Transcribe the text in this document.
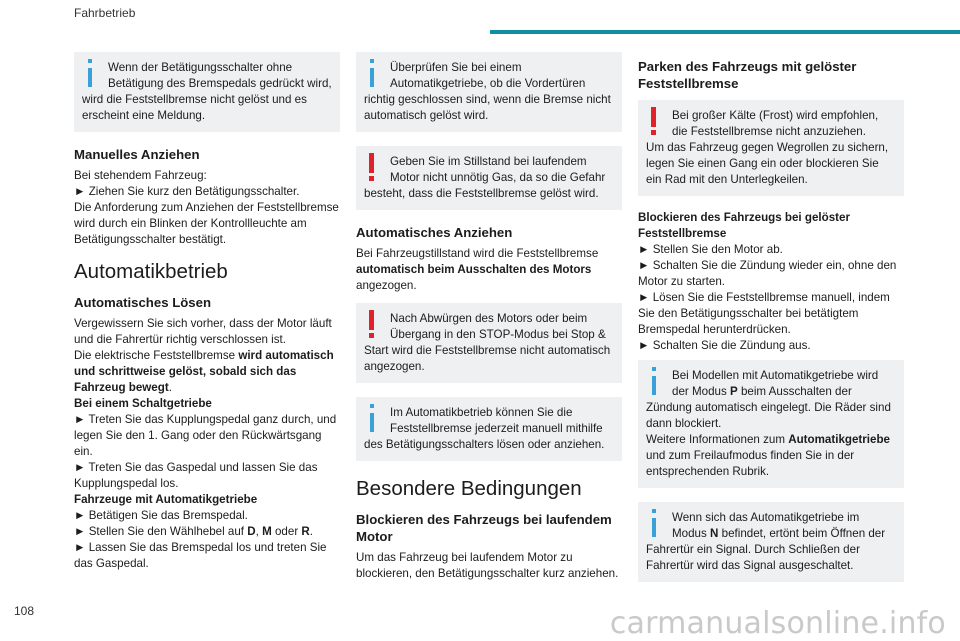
Fahrbetrieb

Wenn der Betätigungsschalter ohne

Betätigung des Bremspedals gedrückt wird,

wird die Feststellbremse nicht gelöst und es erscheint eine Meldung.

Manuelles Anziehen

Bei stehendem Fahrzeug:

► Ziehen Sie kurz den Betätigungsschalter.

Die Anforderung zum Anziehen der Feststellbremse wird durch ein Blinken der Kontrollleuchte am Betätigungsschalter bestätigt.

Automatikbetrieb
Automatisches Lösen

Vergewissern Sie sich vorher, dass der Motor läuft und die Fahrertür richtig verschlossen ist.

Die elektrische Feststellbremse wird automatisch und schrittweise gelöst, sobald sich das Fahrzeug bewegt.

Bei einem Schaltgetriebe

► Treten Sie das Kupplungspedal ganz durch, und legen Sie den 1. Gang oder den Rückwärtsgang ein.

► Treten Sie das Gaspedal und lassen Sie das Kupplungspedal los.

Fahrzeuge mit Automatikgetriebe

► Betätigen Sie das Bremspedal.

► Stellen Sie den Wählhebel auf D, M oder R.

► Lassen Sie das Bremspedal los und treten Sie das Gaspedal.

Überprüfen Sie bei einem

Automatikgetriebe, ob die Vordertüren

richtig geschlossen sind, wenn die Bremse nicht automatisch gelöst wird.

Geben Sie im Stillstand bei laufendem

Motor nicht unnötig Gas, da so die Gefahr

besteht, dass die Feststellbremse gelöst wird.

Automatisches Anziehen

Bei Fahrzeugstillstand wird die Feststellbremse automatisch beim Ausschalten des Motors angezogen.

Nach Abwürgen des Motors oder beim

Übergang in den STOP-Modus bei Stop &

Start wird die Feststellbremse nicht automatisch angezogen.

Im Automatikbetrieb können Sie die

Feststellbremse jederzeit manuell mithilfe

des Betätigungsschalters lösen oder anziehen.

Besondere Bedingungen
Blockieren des Fahrzeugs bei laufendem Motor

Um das Fahrzeug bei laufendem Motor zu blockieren, den Betätigungsschalter kurz anziehen.

Parken des Fahrzeugs mit gelöster Feststellbremse

Bei großer Kälte (Frost) wird empfohlen,

die Feststellbremse nicht anzuziehen.

Um das Fahrzeug gegen Wegrollen zu sichern, legen Sie einen Gang ein oder blockieren Sie ein Rad mit den Unterlegkeilen.

Blockieren des Fahrzeugs bei gelöster Feststellbremse

► Stellen Sie den Motor ab.

► Schalten Sie die Zündung wieder ein, ohne den Motor zu starten.

► Lösen Sie die Feststellbremse manuell, indem Sie den Betätigungsschalter bei betätigtem Bremspedal herunterdrücken.

► Schalten Sie die Zündung aus.

Bei Modellen mit Automatikgetriebe wird

der Modus P beim Ausschalten der

Zündung automatisch eingelegt. Die Räder sind dann blockiert.

Weitere Informationen zum Automatikgetriebe und zum Freilaufmodus finden Sie in der entsprechenden Rubrik.

Wenn sich das Automatikgetriebe im

Modus N befindet, ertönt beim Öffnen der

Fahrertür ein Signal. Durch Schließen der Fahrertür wird das Signal ausgeschaltet.

108	carmanualsonline.info
